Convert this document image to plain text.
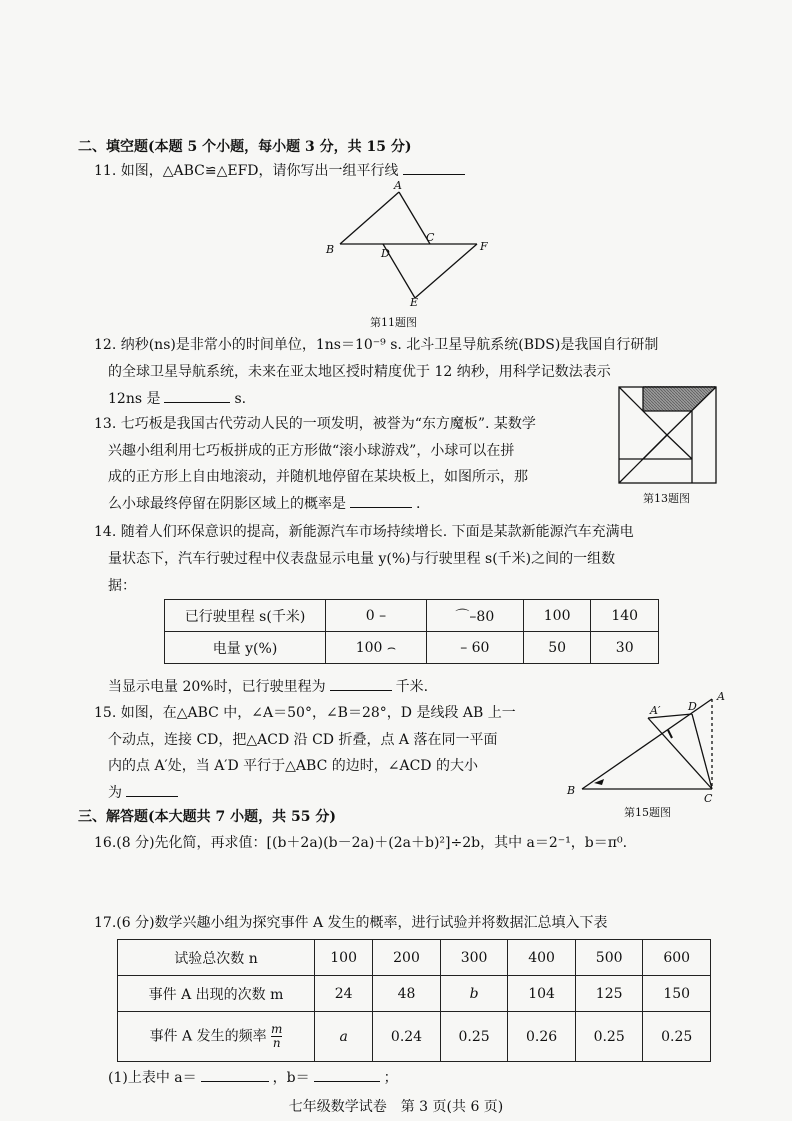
二、填空题(本题 5 个小题，每小题 3 分，共 15 分)
11. 如图，△ABC≌△EFD，请你写出一组平行线
A
B
C
D
F
E
第11题图
12. 纳秒(ns)是非常小的时间单位，1ns＝10⁻⁹ s. 北斗卫星导航系统(BDS)是我国自行研制
的全球卫星导航系统，未来在亚太地区授时精度优于 12 纳秒，用科学记数法表示
12ns 是	s.
13. 七巧板是我国古代劳动人民的一项发明，被誉为“东方魔板”. 某数学
兴趣小组利用七巧板拼成的正方形做“滚小球游戏”，小球可以在拼
成的正方形上自由地滚动，并随机地停留在某块板上，如图所示，那
么小球最终停留在阴影区域上的概率是	.	第13题图
14. 随着人们环保意识的提高，新能源汽车市场持续增长. 下面是某款新能源汽车充满电
量状态下，汽车行驶过程中仪表盘显示电量 y(%)与行驶里程 s(千米)之间的一组数
据：
已行驶里程 s(千米)	0 –	⌒–80	100	140
电量 y(%)	100 ⌢	– 60	50	30
当显示电量 20%时，已行驶里程为	千米.
15. 如图，在△ABC 中，∠A＝50°，∠B＝28°，D 是线段 AB 上一
个动点，连接 CD，把△ACD 沿 CD 折叠，点 A 落在同一平面
内的点 A′处，当 A′D 平行于△ABC 的边时，∠ACD 的大小
为
A
A′	D
B
C
第15题图
三、解答题(本大题共 7 小题，共 55 分)
16.(8 分)先化简，再求值：[(b＋2a)(b－2a)＋(2a＋b)²]÷2b，其中 a＝2⁻¹，b＝π⁰.
17.(6 分)数学兴趣小组为探究事件 A 发生的概率，进行试验并将数据汇总填入下表
试验总次数 n	100	200	300	400	500	600
事件 A 出现的次数 m	24	48	b	104	125	150
事件 A 发生的频率 $\frac{m}{n}$	a	0.24	0.25	0.26	0.25	0.25
(1)上表中 a＝	，b＝	；
七年级数学试卷　第 3 页(共 6 页)
